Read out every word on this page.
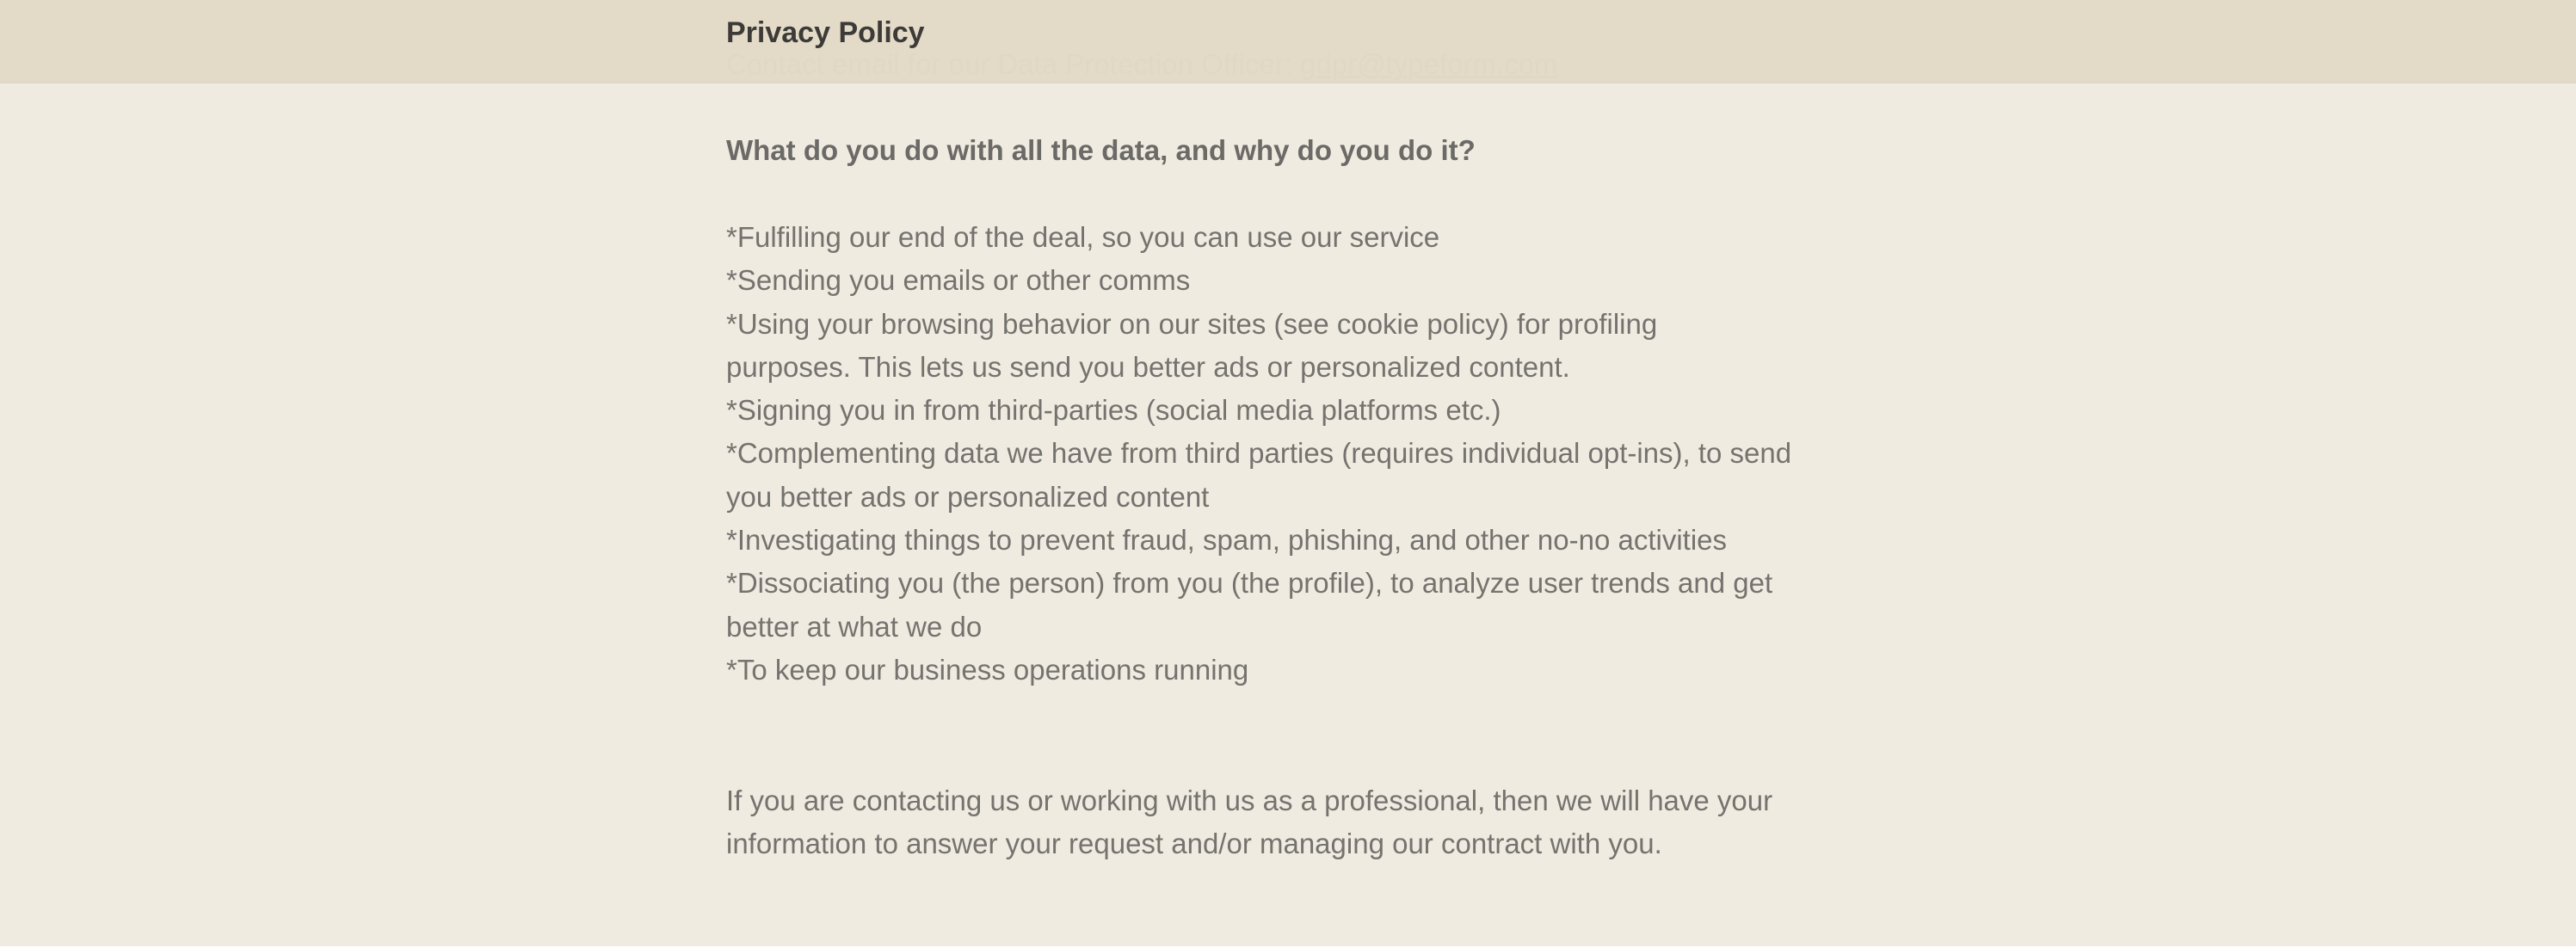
Privacy Policy
What do you do with all the data, and why do you do it?
*Fulfilling our end of the deal, so you can use our service
*Sending you emails or other comms
*Using your browsing behavior on our sites (see cookie policy) for profiling purposes. This lets us send you better ads or personalized content.
*Signing you in from third-parties (social media platforms etc.)
*Complementing data we have from third parties (requires individual opt-ins), to send you better ads or personalized content
*Investigating things to prevent fraud, spam, phishing, and other no-no activities
*Dissociating you (the person) from you (the profile), to analyze user trends and get better at what we do
*To keep our business operations running
If you are contacting us or working with us as a professional, then we will have your information to answer your request and/or managing our contract with you.
